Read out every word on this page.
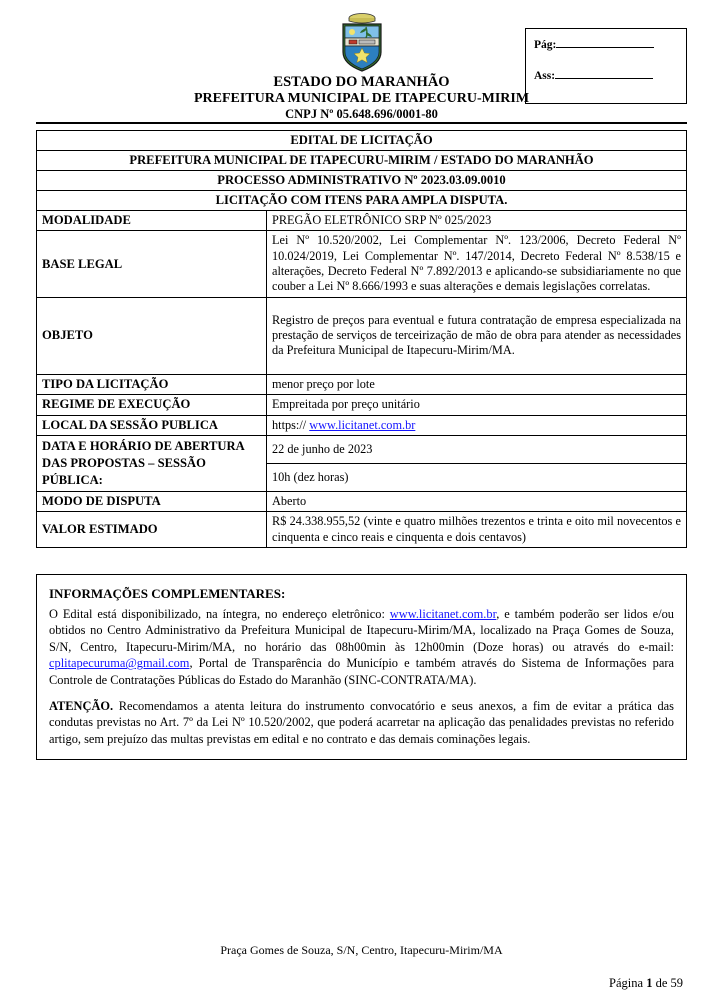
Pág:
Ass:
ESTADO DO MARANHÃO
PREFEITURA MUNICIPAL DE ITAPECURU-MIRIM
CNPJ Nº 05.648.696/0001-80
EDITAL DE LICITAÇÃO	
PREFEITURA MUNICIPAL DE ITAPECURU-MIRIM / ESTADO DO MARANHÃO	
PROCESSO ADMINISTRATIVO Nº 2023.03.09.0010	
LICITAÇÃO COM ITENS PARA AMPLA DISPUTA.	
MODALIDADE	PREGÃO ELETRÔNICO SRP Nº 025/2023
BASE LEGAL	Lei Nº 10.520/2002, Lei Complementar Nº. 123/2006, Decreto Federal Nº 10.024/2019, Lei Complementar Nº. 147/2014, Decreto Federal Nº 8.538/15 e alterações, Decreto Federal Nº 7.892/2013 e aplicando-se subsidiariamente no que couber a Lei Nº 8.666/1993 e suas alterações e demais legislações correlatas.
OBJETO	Registro de preços para eventual e futura contratação de empresa especializada na prestação de serviços de terceirização de mão de obra para atender as necessidades da Prefeitura Municipal de Itapecuru-Mirim/MA.
TIPO DA LICITAÇÃO	menor preço por lote
REGIME DE EXECUÇÃO	Empreitada por preço unitário
LOCAL DA SESSÃO PUBLICA	https:// www.licitanet.com.br
DATA E HORÁRIO DE ABERTURA DAS PROPOSTAS – SESSÃO PÚBLICA:	22 de junho de 2023
	10h (dez horas)
MODO DE DISPUTA	Aberto
VALOR ESTIMADO	R$ 24.338.955,52 (vinte e quatro milhões trezentos e trinta e oito mil novecentos e cinquenta e cinco reais e cinquenta e dois centavos)
INFORMAÇÕES COMPLEMENTARES:

O Edital está disponibilizado, na íntegra, no endereço eletrônico: www.licitanet.com.br, e também poderão ser lidos e/ou obtidos no Centro Administrativo da Prefeitura Municipal de Itapecuru-Mirim/MA, localizado na Praça Gomes de Souza, S/N, Centro, Itapecuru-Mirim/MA, no horário das 08h00min às 12h00min (Doze horas) ou através do e-mail: cplitapecuruma@gmail.com, Portal de Transparência do Município e também através do Sistema de Informações para Controle de Contratações Públicas do Estado do Maranhão (SINC-CONTRATA/MA).

ATENÇÃO. Recomendamos a atenta leitura do instrumento convocatório e seus anexos, a fim de evitar a prática das condutas previstas no Art. 7º da Lei Nº 10.520/2002, que poderá acarretar na aplicação das penalidades previstas no referido artigo, sem prejuízo das multas previstas em edital e no contrato e das demais cominações legais.

Praça Gomes de Souza, S/N, Centro, Itapecuru-Mirim/MA
Página 1 de 59
